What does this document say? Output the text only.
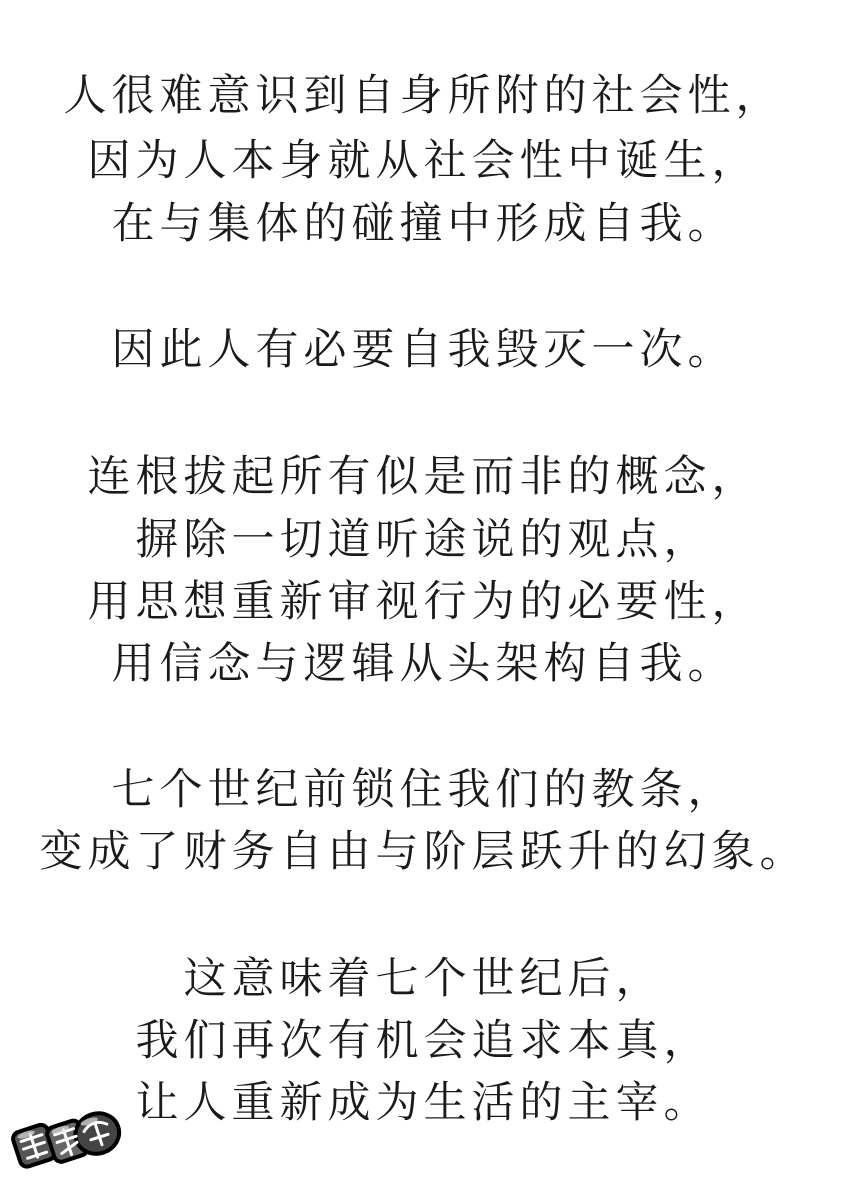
人很难意识到自身所附的社会性，
因为人本身就从社会性中诞生，
在与集体的碰撞中形成自我。
因此人有必要自我毁灭一次。
连根拔起所有似是而非的概念，
摒除一切道听途说的观点，
用思想重新审视行为的必要性，
用信念与逻辑从头架构自我。
七个世纪前锁住我们的教条，
变成了财务自由与阶层跃升的幻象。
这意味着七个世纪后，
我们再次有机会追求本真，
让人重新成为生活的主宰。
